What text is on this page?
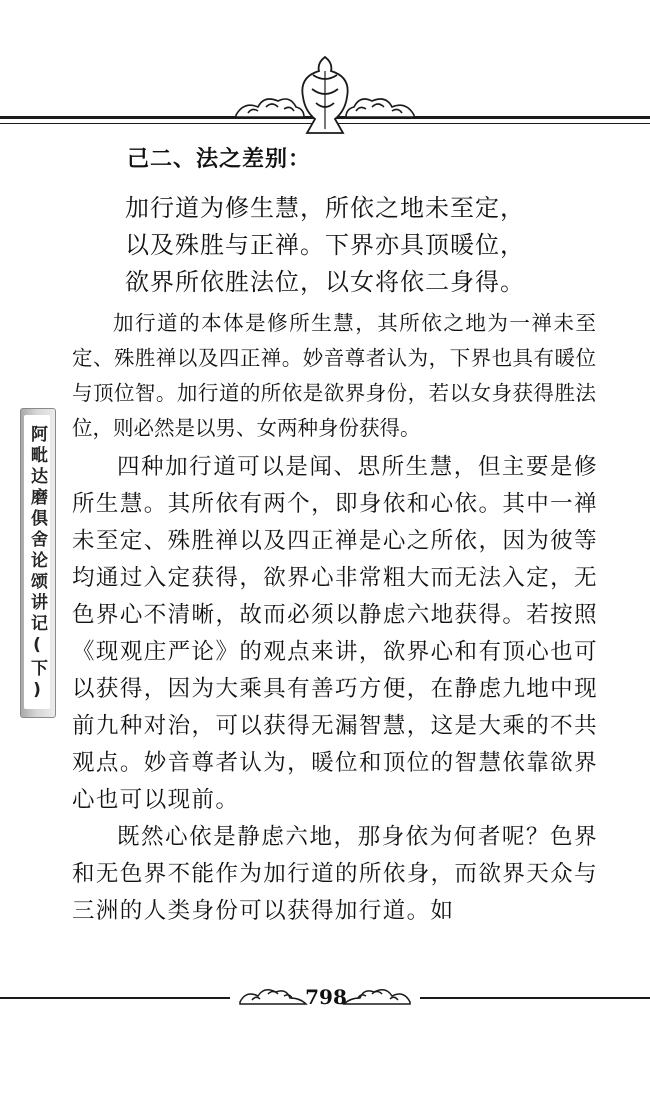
阿毗达磨俱舍论颂讲记(下)
己二、法之差别：
加行道为修生慧，所依之地未至定，
以及殊胜与正禅。下界亦具顶暖位，
欲界所依胜法位，以女将依二身得。

加行道的本体是修所生慧，其所依之地为一禅未至定、殊胜禅以及四正禅。妙音尊者认为，下界也具有暖位与顶位智。加行道的所依是欲界身份，若以女身获得胜法位，则必然是以男、女两种身份获得。

四种加行道可以是闻、思所生慧，但主要是修所生慧。其所依有两个，即身依和心依。其中一禅未至定、殊胜禅以及四正禅是心之所依，因为彼等均通过入定获得，欲界心非常粗大而无法入定，无色界心不清晰，故而必须以静虑六地获得。若按照《现观庄严论》的观点来讲，欲界心和有顶心也可以获得，因为大乘具有善巧方便，在静虑九地中现前九种对治，可以获得无漏智慧，这是大乘的不共观点。妙音尊者认为，暖位和顶位的智慧依靠欲界心也可以现前。

既然心依是静虑六地，那身依为何者呢？色界和无色界不能作为加行道的所依身，而欲界天众与三洲的人类身份可以获得加行道。如

798
